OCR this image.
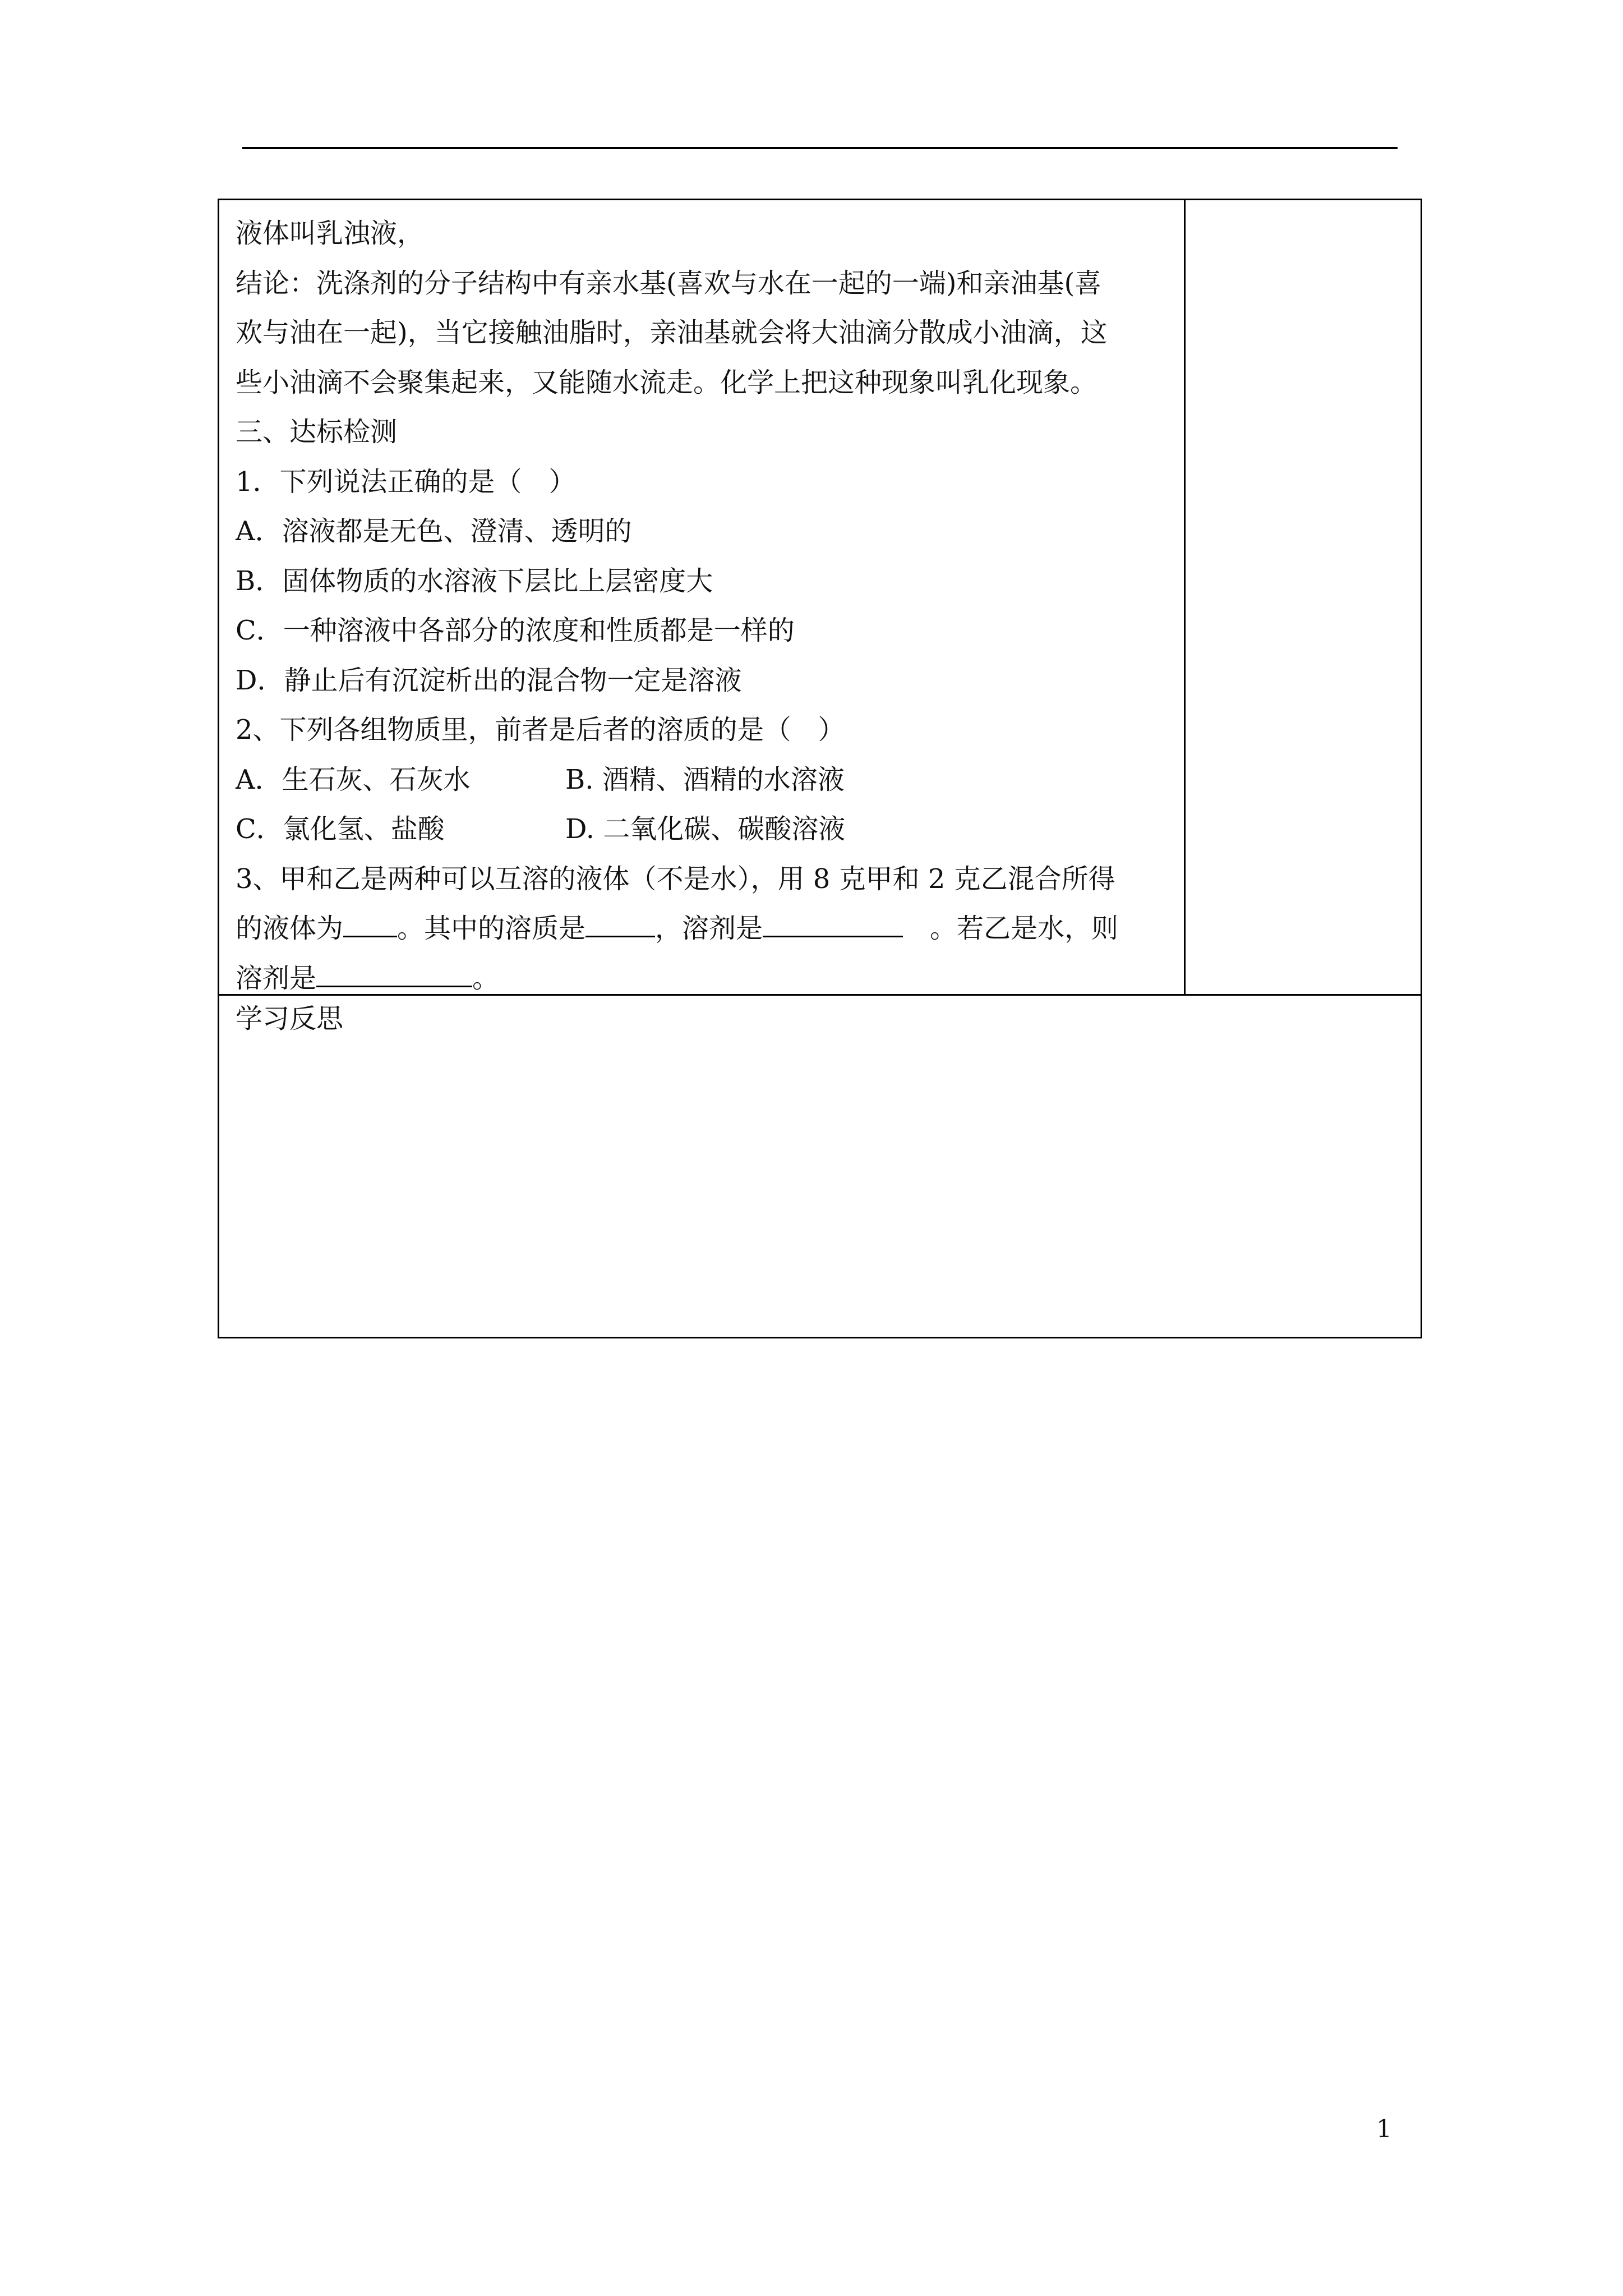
液体叫乳浊液，
结论：洗涤剂的分子结构中有亲水基(喜欢与水在一起的一端)和亲油基(喜
欢与油在一起)，当它接触油脂时，亲油基就会将大油滴分散成小油滴，这
些小油滴不会聚集起来，又能随水流走。化学上把这种现象叫乳化现象。
三、达标检测
1．下列说法正确的是（　）
A．溶液都是无色、澄清、透明的
B．固体物质的水溶液下层比上层密度大
C．一种溶液中各部分的浓度和性质都是一样的
D．静止后有沉淀析出的混合物一定是溶液
2、下列各组物质里，前者是后者的溶质的是（　）
A．生石灰、石灰水	B. 酒精、酒精的水溶液
C．氯化氢、盐酸	D. 二氧化碳、碳酸溶液
3、甲和乙是两种可以互溶的液体（不是水），用 8 克甲和 2 克乙混合所得
的液体为 。其中的溶质是	，溶剂是	　。若乙是水，则
溶剂是	。
学习反思
1
